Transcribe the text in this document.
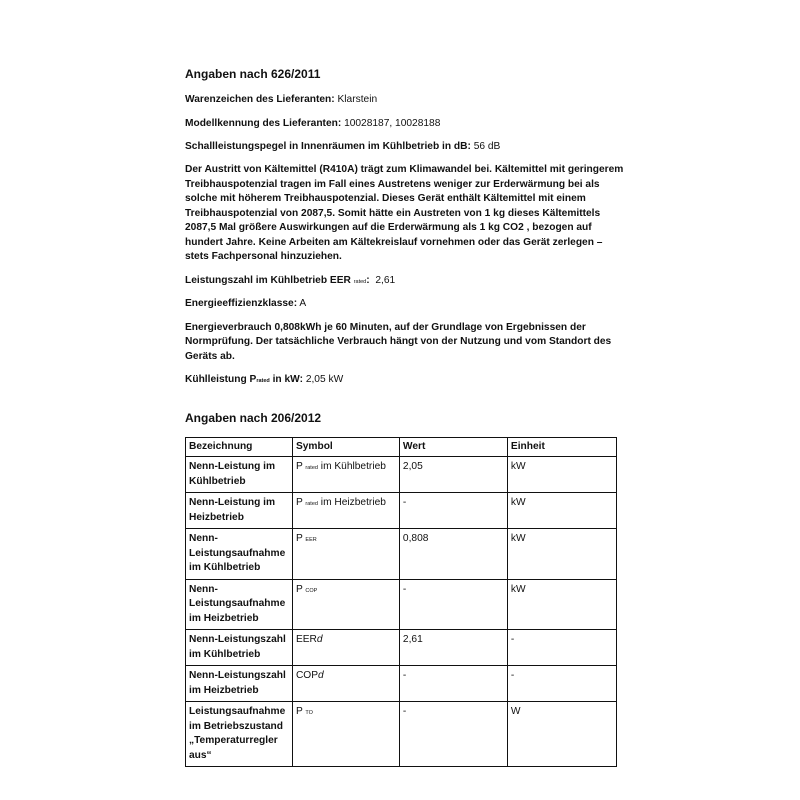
Angaben nach 626/2011

Warenzeichen des Lieferanten: Klarstein

Modellkennung des Lieferanten: 10028187, 10028188

Schallleistungspegel in Innenräumen im Kühlbetrieb in dB: 56 dB

Der Austritt von Kältemittel (R410A) trägt zum Klimawandel bei. Kältemittel mit geringerem Treibhauspotenzial tragen im Fall eines Austretens weniger zur Erderwärmung bei als solche mit höherem Treibhauspotenzial. Dieses Gerät enthält Kältemittel mit einem Treibhauspotenzial von 2087,5. Somit hätte ein Austreten von 1 kg dieses Kältemittels 2087,5 Mal größere Auswirkungen auf die Erderwärmung als 1 kg CO2 , bezogen auf hundert Jahre. Keine Arbeiten am Kältekreislauf vornehmen oder das Gerät zerlegen – stets Fachpersonal hinzuziehen.

Leistungszahl im Kühlbetrieb EER rated: 2,61

Energieeffizienzklasse: A

Energieverbrauch 0,808kWh je 60 Minuten, auf der Grundlage von Ergebnissen der Normprüfung. Der tatsächliche Verbrauch hängt von der Nutzung und vom Standort des Geräts ab.

Kühlleistung Prated in kW: 2,05 kW

Angaben nach 206/2012
Bezeichnung	Symbol	Wert	Einheit
Nenn-Leistung im Kühlbetrieb	P rated im Kühlbetrieb	2,05	kW
Nenn-Leistung im Heizbetrieb	P rated im Heizbetrieb	-	kW
Nenn-Leistungsaufnahme im Kühlbetrieb	P EER	0,808	kW
Nenn-Leistungsaufnahme im Heizbetrieb	P COP	-	kW
Nenn-Leistungszahl im Kühlbetrieb	EERd	2,61	-
Nenn-Leistungszahl im Heizbetrieb	COPd	-	-
Leistungsaufnahme im Betriebszustand „Temperaturregler aus“	P TO	-	W
